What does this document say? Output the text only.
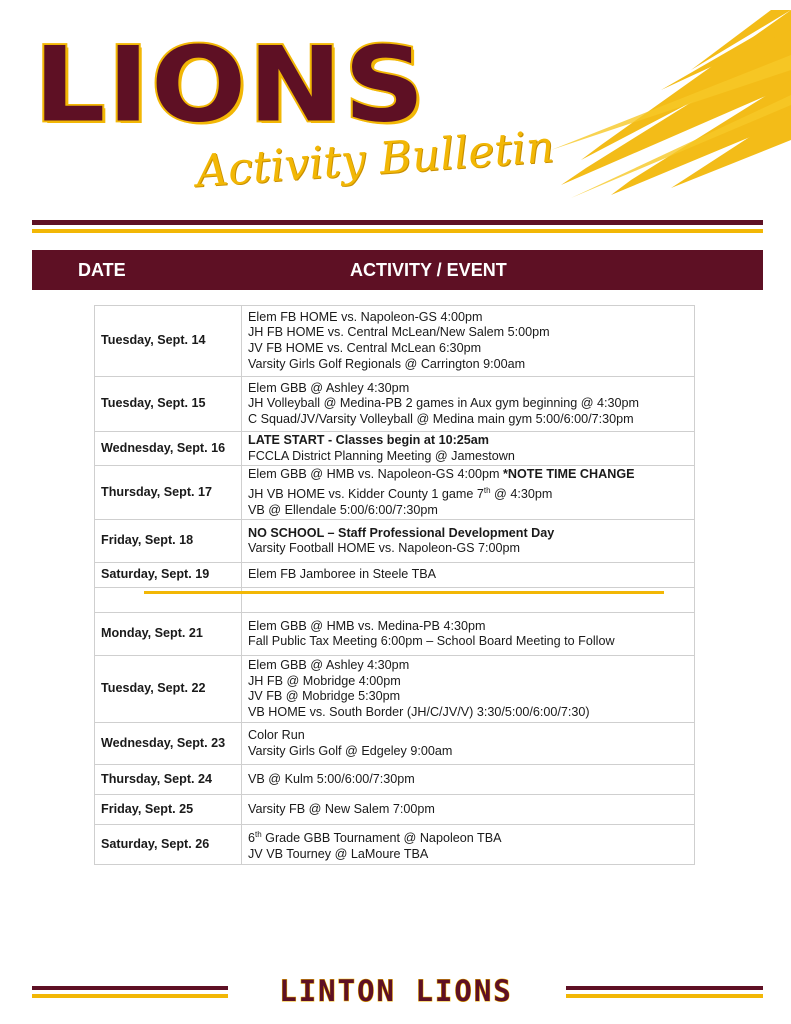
LIONS
Activity Bulletin
DATE	ACTIVITY / EVENT
Tuesday, Sept. 14	Elem FB HOME vs. Napoleon-GS 4:00pm
JH FB HOME vs. Central McLean/New Salem 5:00pm
JV FB HOME vs. Central McLean 6:30pm
Varsity Girls Golf Regionals @ Carrington 9:00am

Tuesday, Sept. 15	Elem GBB @ Ashley 4:30pm
JH Volleyball @ Medina-PB 2 games in Aux gym beginning @ 4:30pm
C Squad/JV/Varsity Volleyball @ Medina main gym 5:00/6:00/7:30pm

Wednesday, Sept. 16	LATE START - Classes begin at 10:25am
FCCLA District Planning Meeting @ Jamestown

Thursday, Sept. 17	Elem GBB @ HMB vs. Napoleon-GS 4:00pm *NOTE TIME CHANGE
JH VB HOME vs. Kidder County 1 game 7th @ 4:30pm
VB @ Ellendale 5:00/6:00/7:30pm

Friday, Sept. 18	NO SCHOOL – Staff Professional Development Day
Varsity Football HOME vs. Napoleon-GS 7:00pm

Saturday, Sept. 19	Elem FB Jamboree in Steele TBA

Monday, Sept. 21	Elem GBB @ HMB vs. Medina-PB 4:30pm
Fall Public Tax Meeting 6:00pm – School Board Meeting to Follow

Tuesday, Sept. 22	Elem GBB @ Ashley 4:30pm
JH FB @ Mobridge 4:00pm
JV FB @ Mobridge 5:30pm
VB HOME vs. South Border (JH/C/JV/V) 3:30/5:00/6:00/7:30)

Wednesday, Sept. 23	Color Run
Varsity Girls Golf @ Edgeley 9:00am

Thursday, Sept. 24	VB @ Kulm 5:00/6:00/7:30pm

Friday, Sept. 25	Varsity FB @ New Salem 7:00pm

Saturday, Sept. 26	6th Grade GBB Tournament @ Napoleon TBA
JV VB Tourney @ LaMoure TBA
LINTON LIONS
